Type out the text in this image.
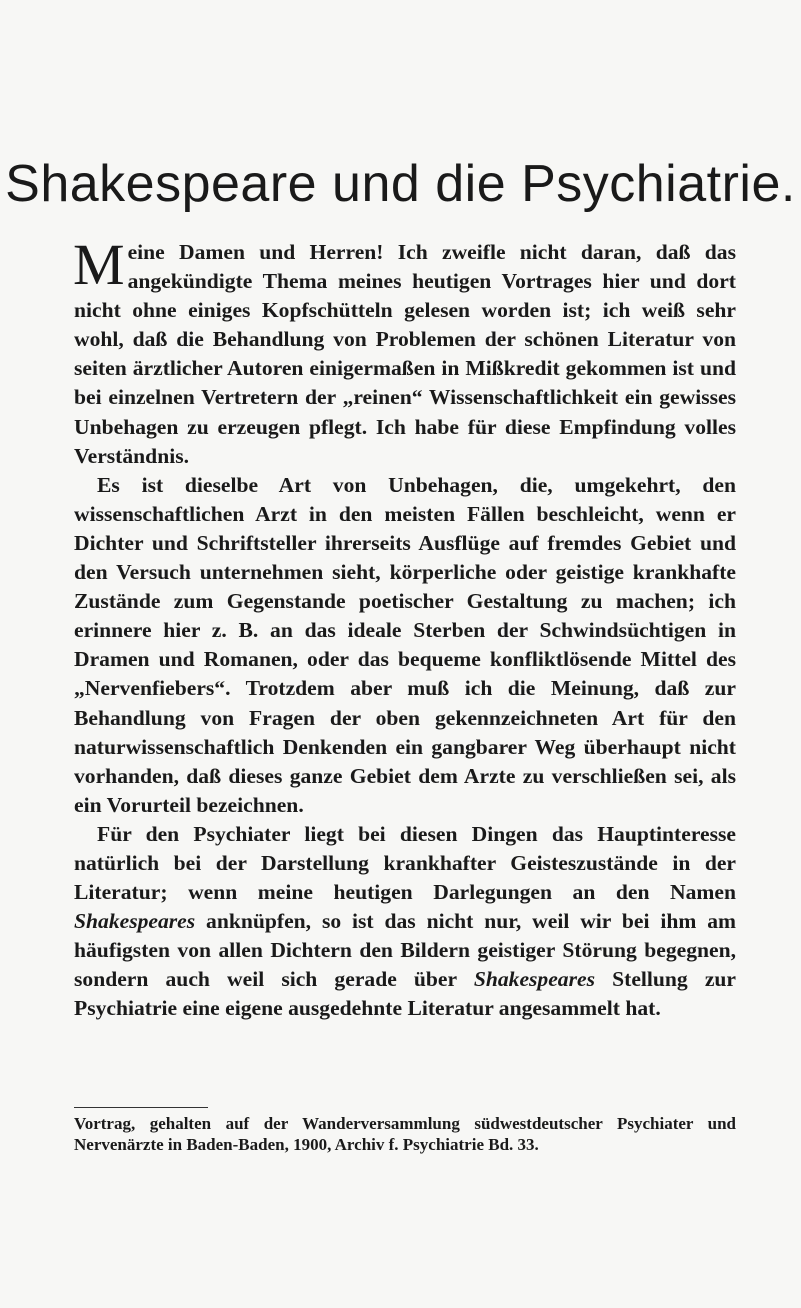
Shakespeare und die Psychiatrie.

Meine Damen und Herren! Ich zweifle nicht daran, daß das angekündigte Thema meines heutigen Vortrages hier und dort nicht ohne einiges Kopfschütteln gelesen worden ist; ich weiß sehr wohl, daß die Behandlung von Problemen der schönen Literatur von seiten ärztlicher Autoren einigermaßen in Mißkredit gekommen ist und bei einzelnen Vertretern der „reinen“ Wissenschaftlichkeit ein gewisses Unbehagen zu erzeugen pflegt. Ich habe für diese Empfindung volles Verständnis.

Es ist dieselbe Art von Unbehagen, die, umgekehrt, den wissenschaftlichen Arzt in den meisten Fällen beschleicht, wenn er Dichter und Schriftsteller ihrerseits Ausflüge auf fremdes Gebiet und den Versuch unternehmen sieht, körperliche oder geistige krankhafte Zustände zum Gegenstande poetischer Gestaltung zu machen; ich erinnere hier z. B. an das ideale Sterben der Schwindsüchtigen in Dramen und Romanen, oder das bequeme konfliktlösende Mittel des „Nervenfiebers“. Trotzdem aber muß ich die Meinung, daß zur Behandlung von Fragen der oben gekennzeichneten Art für den naturwissenschaftlich Denkenden ein gangbarer Weg überhaupt nicht vorhanden, daß dieses ganze Gebiet dem Arzte zu verschließen sei, als ein Vorurteil bezeichnen.

Für den Psychiater liegt bei diesen Dingen das Hauptinteresse natürlich bei der Darstellung krankhafter Geisteszustände in der Literatur; wenn meine heutigen Darlegungen an den Namen Shakespeares anknüpfen, so ist das nicht nur, weil wir bei ihm am häufigsten von allen Dichtern den Bildern geistiger Störung begegnen, sondern auch weil sich gerade über Shakespeares Stellung zur Psychiatrie eine eigene ausgedehnte Literatur angesammelt hat.

Vortrag, gehalten auf der Wanderversammlung südwestdeutscher Psychiater und Nervenärzte in Baden-Baden, 1900, Archiv f. Psychiatrie Bd. 33.
